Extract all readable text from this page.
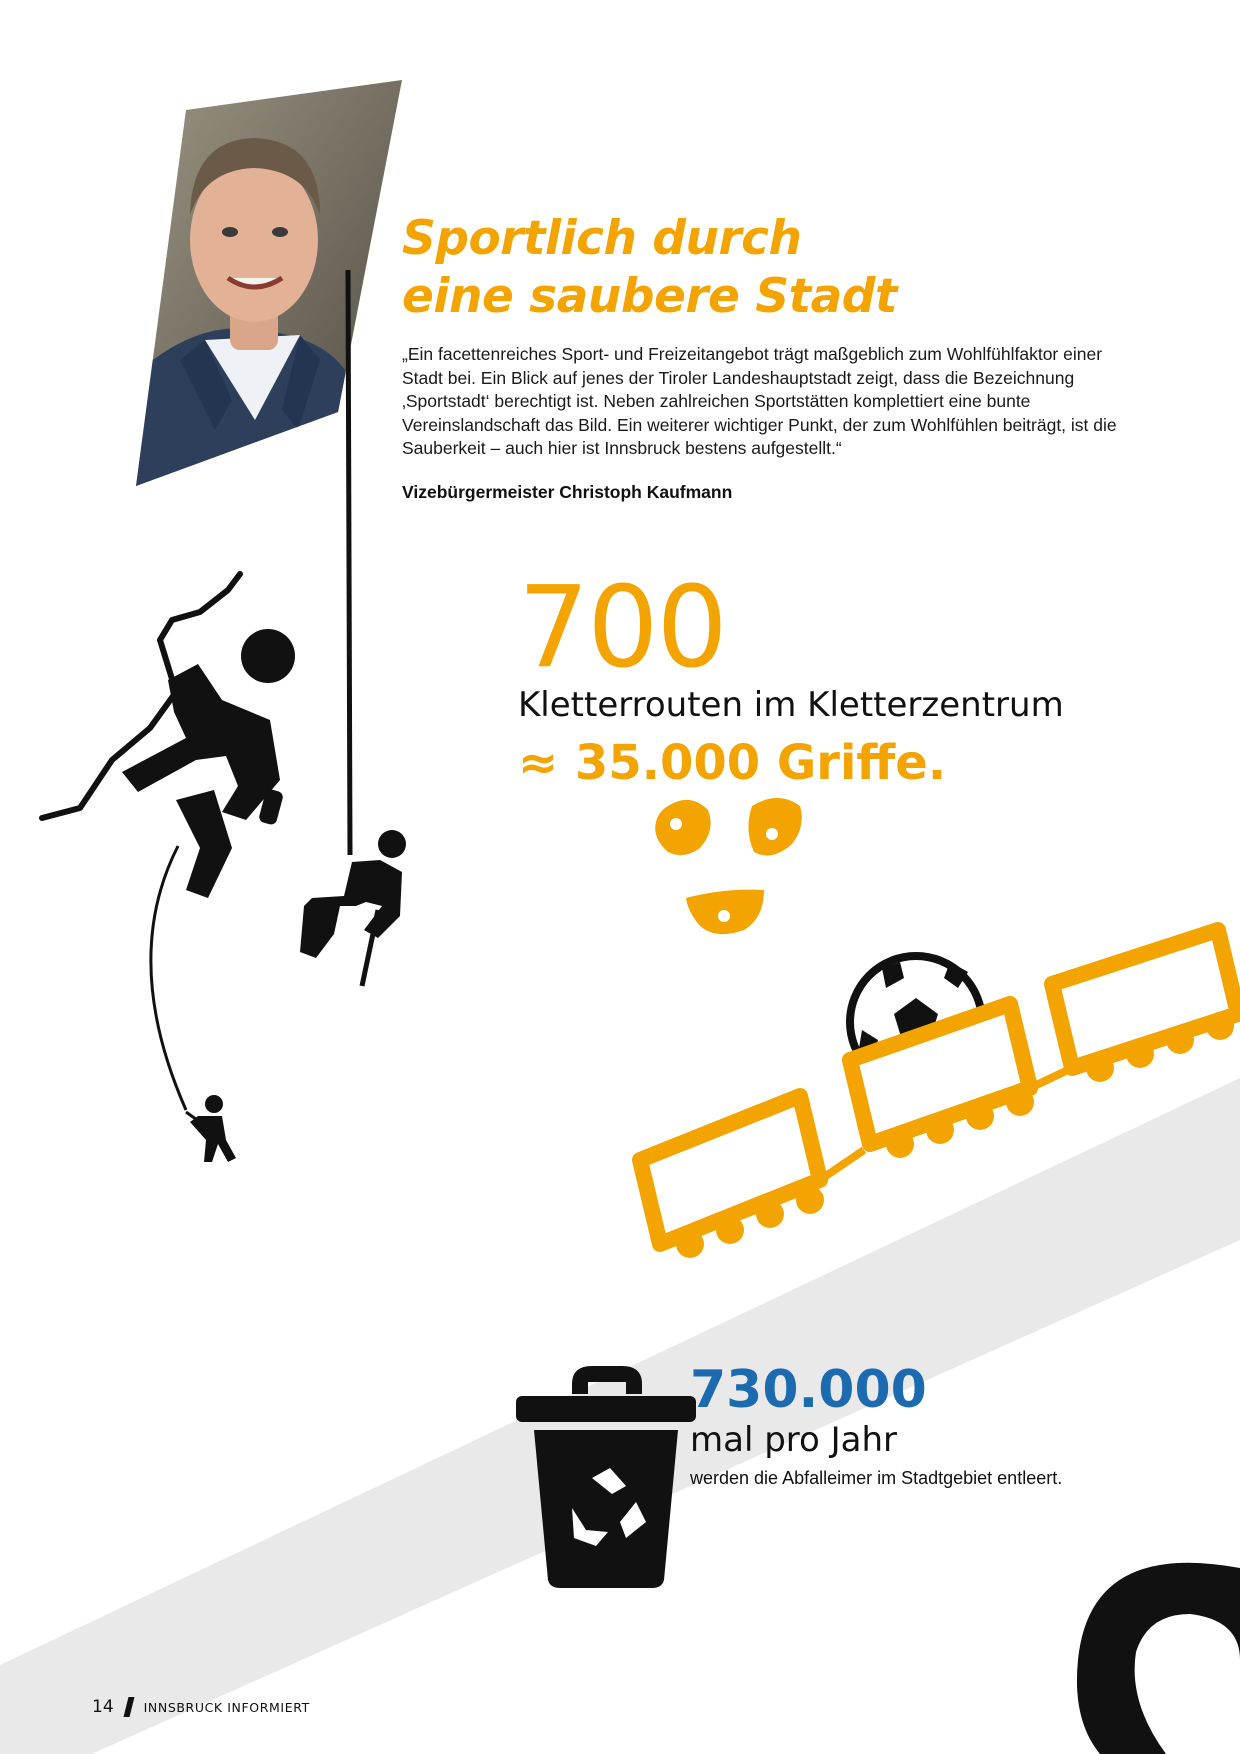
Sportlich durch
eine saubere Stadt

„Ein facettenreiches Sport- und Freizeitangebot trägt maßgeblich zum Wohlfühlfaktor einer Stadt bei. Ein Blick auf jenes der Tiroler Landeshauptstadt zeigt, dass die Bezeichnung ‚Sportstadt‘ berechtigt ist. Neben zahlreichen Sportstätten komplettiert eine bunte Vereinslandschaft das Bild. Ein weiterer wichtiger Punkt, der zum Wohlfühlen beiträgt, ist die Sauberkeit – auch hier ist Innsbruck bestens aufgestellt.“

Vizebürgermeister Christoph Kaufmann

700

Kletterrouten im Kletterzentrum

≈ 35.000 Griffe.

730.000

mal pro Jahr

werden die Abfalleimer im Stadtgebiet entleert.

14 INNSBRUCK INFORMIERT
